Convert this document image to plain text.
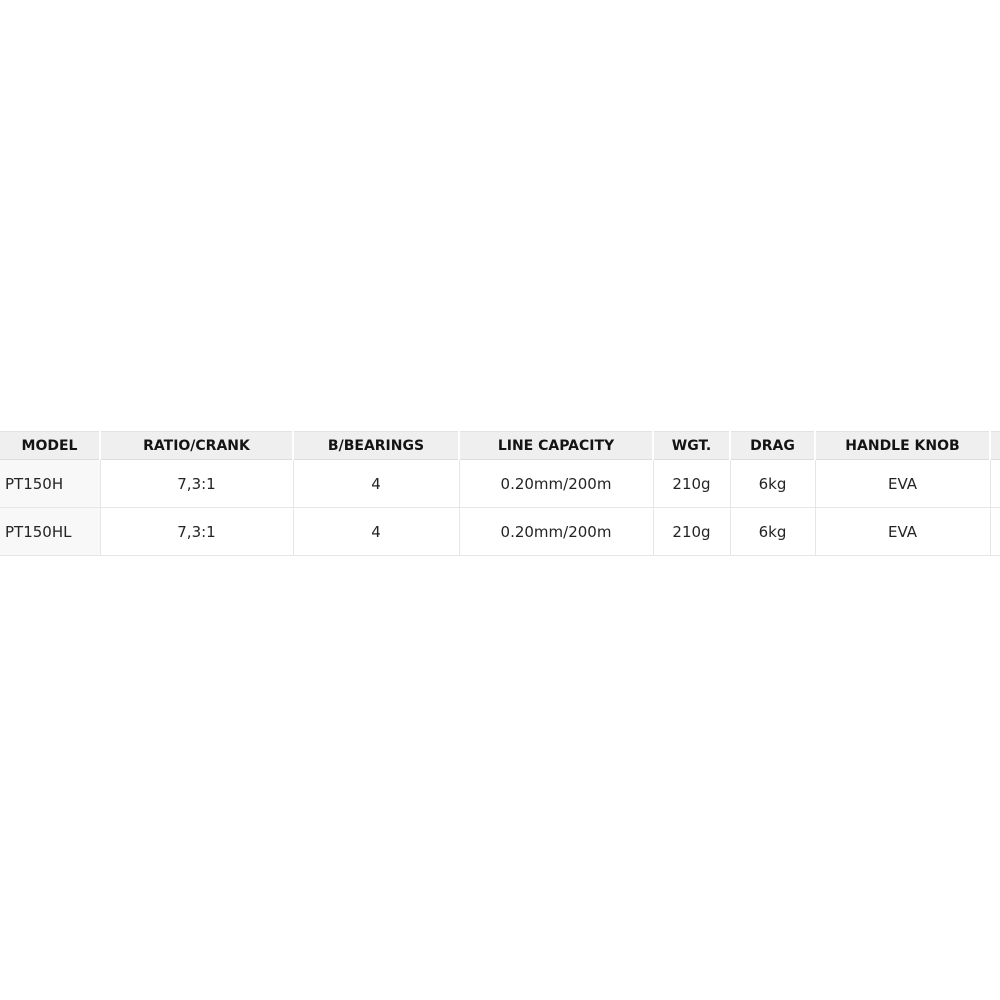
MODEL	RATIO/CRANK	B/BEARINGS	LINE CAPACITY	WGT.	DRAG	HANDLE KNOB	
PT150H	7,3:1	4	0.20mm/200m	210g	6kg	EVA	
PT150HL	7,3:1	4	0.20mm/200m	210g	6kg	EVA	
